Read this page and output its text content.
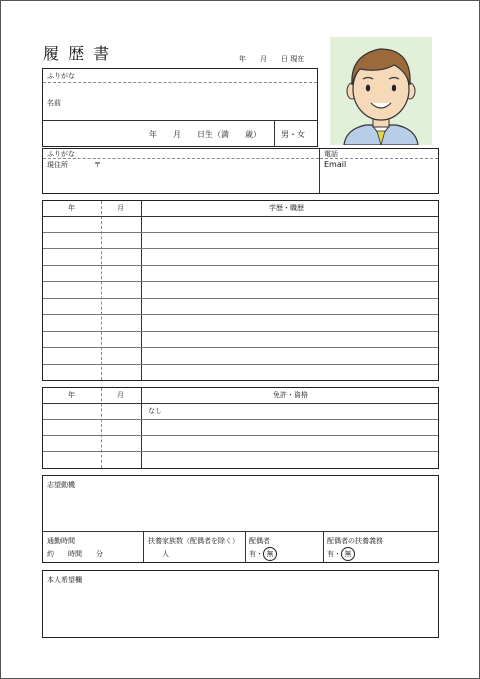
履 歴 書	年　　月　　日 現在
ふりがな
名前
年　　月　　日生（満　　歳）	男・女
ふりがな
現住所	〒
電話
Email
年	月	学歴・職歴
年	月	免許・資格
なし
志望動機
通勤時間
約　　時間　　分
扶養家族数（配偶者を除く）
人
配偶者
有・ 無
配偶者の扶養義務
有・ 無
本人希望欄
